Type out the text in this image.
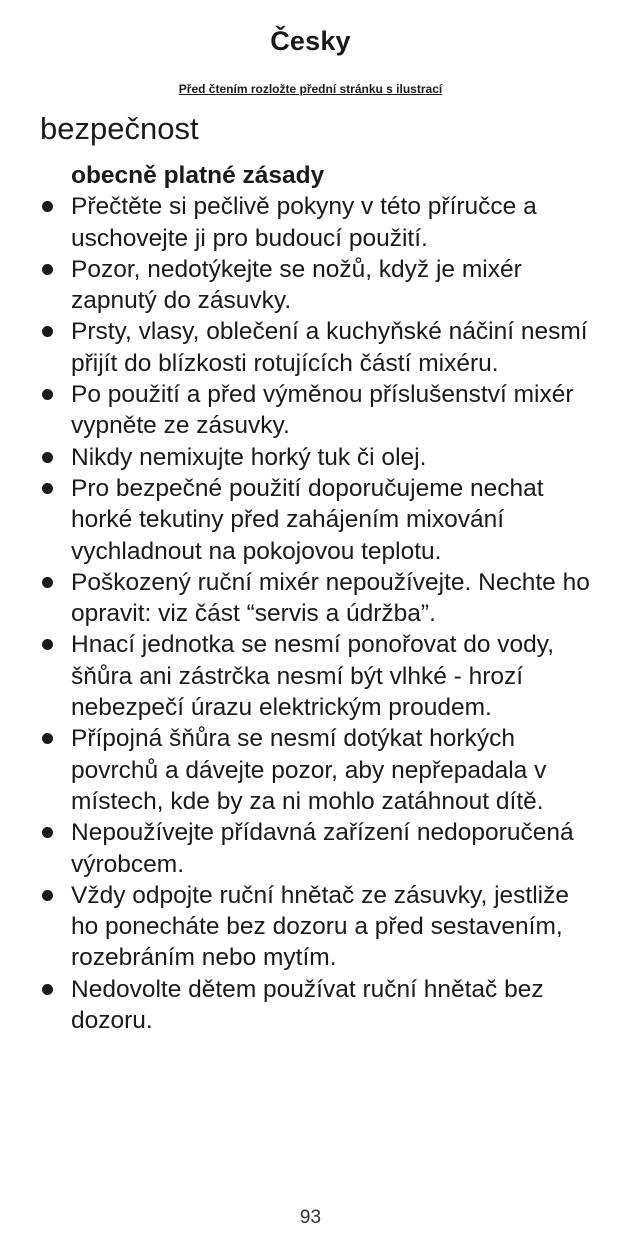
Česky
Před čtením rozložte přední stránku s ilustrací
bezpečnost
obecně platné zásady
Přečtěte si pečlivě pokyny v této příručce a uschovejte ji pro budoucí použití.
Pozor, nedotýkejte se nožů, když je mixér zapnutý do zásuvky.
Prsty, vlasy, oblečení a kuchyňské náčiní nesmí přijít do blízkosti rotujících částí mixéru.
Po použití a před výměnou příslušenství mixér vypněte ze zásuvky.
Nikdy nemixujte horký tuk či olej.
Pro bezpečné použití doporučujeme nechat horké tekutiny před zahájením mixování vychladnout na pokojovou teplotu.
Poškozený ruční mixér nepoužívejte. Nechte ho opravit: viz část “servis a údržba”.
Hnací jednotka se nesmí ponořovat do vody,  šňůra ani zástrčka nesmí být vlhké - hrozí nebezpečí úrazu elektrickým proudem.
Přípojná šňůra se nesmí dotýkat horkých povrchů a dávejte pozor, aby nepřepadala v místech, kde by za ni mohlo zatáhnout dítě.
Nepoužívejte přídavná zařízení nedoporučená výrobcem.
Vždy odpojte ruční hnětač ze zásuvky, jestliže ho ponecháte bez dozoru a před sestavením, rozebráním nebo mytím.
Nedovolte dětem používat ruční hnětač bez dozoru.
93
